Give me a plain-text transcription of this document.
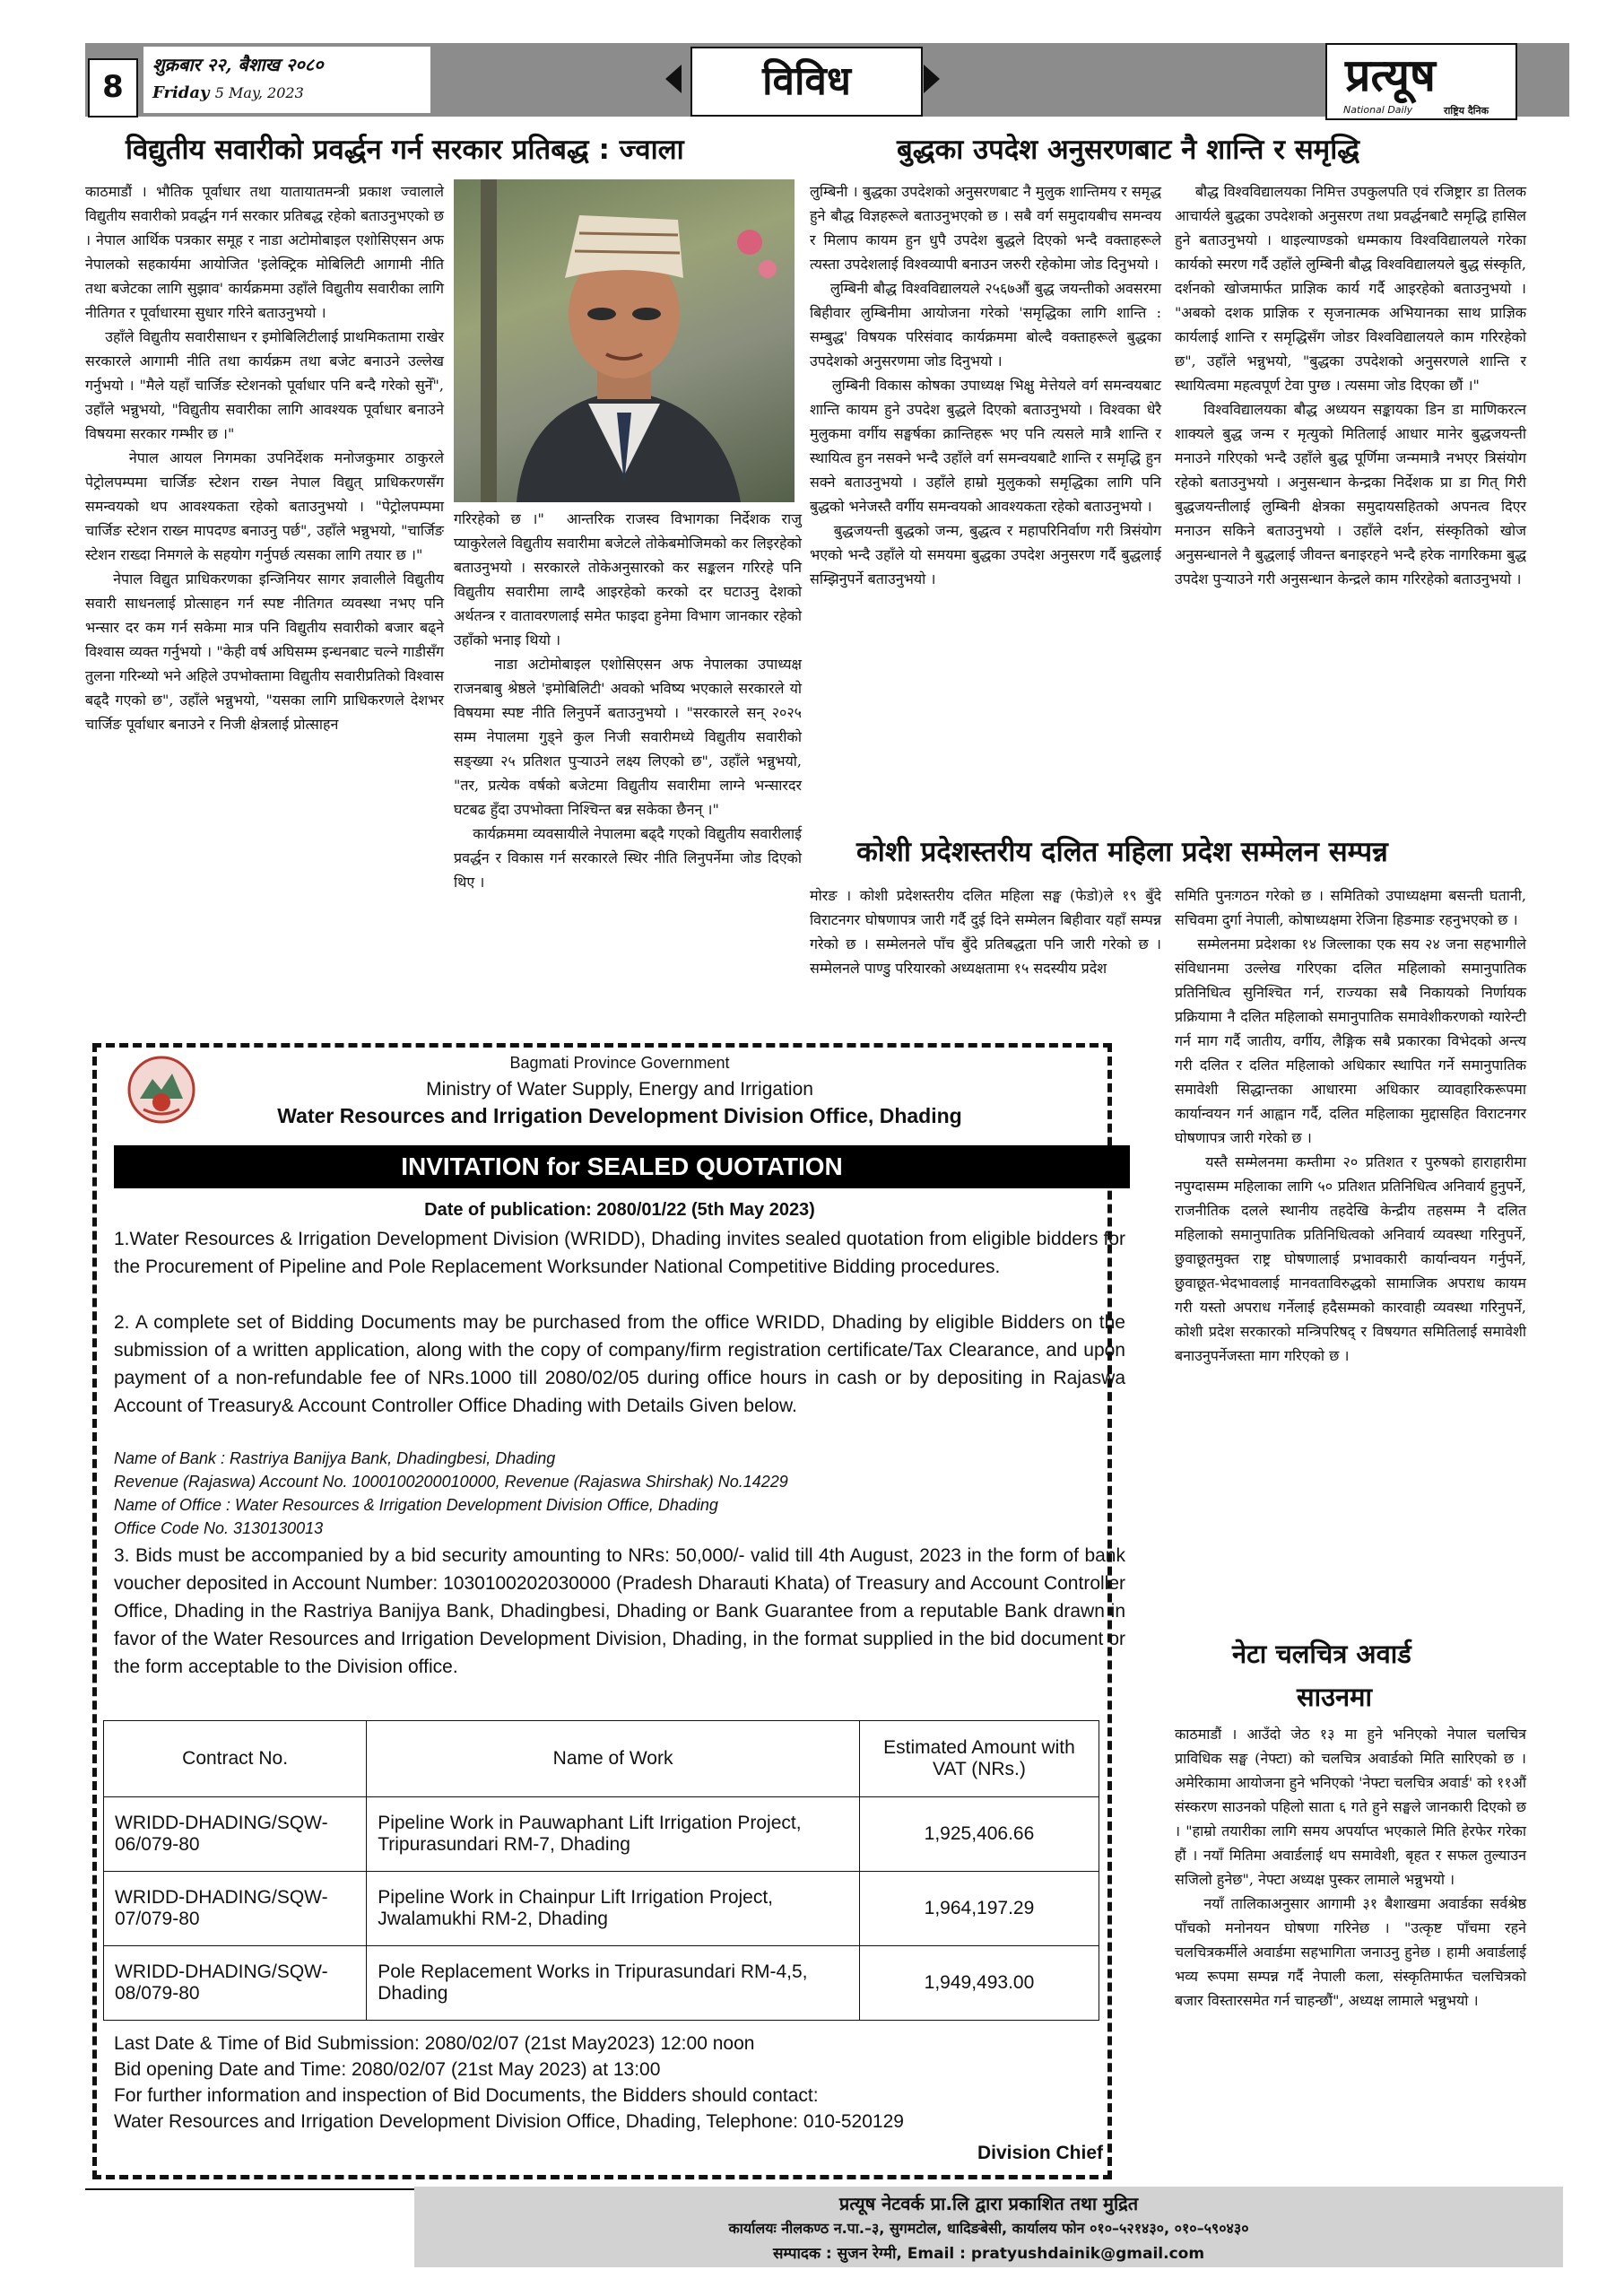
8
शुक्रबार २२, बैशाख २०८०
Friday 5 May, 2023	विविध	प्रत्यूष
National Daily	राष्ट्रिय दैनिक
विद्युतीय सवारीको प्रवर्द्धन गर्न सरकार प्रतिबद्ध : ज्वाला
काठमाडौं । भौतिक पूर्वाधार तथा यातायातमन्त्री प्रकाश ज्वालाले विद्युतीय सवारीको प्रवर्द्धन गर्न सरकार प्रतिबद्ध रहेको बताउनुभएको छ । नेपाल आर्थिक पत्रकार समूह र नाडा अटोमोबाइल एशोसिएसन अफ नेपालको सहकार्यमा आयोजित 'इलेक्ट्रिक मोबिलिटी आगामी नीति तथा बजेटका लागि सुझाव' कार्यक्रममा उहाँले विद्युतीय सवारीका लागि नीतिगत र पूर्वाधारमा सुधार गरिने बताउनुभयो ।
उहाँले विद्युतीय सवारीसाधन र इमोबिलिटीलाई प्राथमिकतामा राखेर सरकारले आगामी नीति तथा कार्यक्रम तथा बजेट बनाउने उल्लेख गर्नुभयो । "मैले यहाँ चार्जिङ स्टेशनको पूर्वाधार पनि बन्दै गरेको सुनेँ", उहाँले भन्नुभयो, "विद्युतीय सवारीका लागि आवश्यक पूर्वाधार बनाउने विषयमा सरकार गम्भीर छ ।"
नेपाल आयल निगमका उपनिर्देशक मनोजकुमार ठाकुरले पेट्रोलपम्पमा चार्जिङ स्टेशन राख्न नेपाल विद्युत् प्राधिकरणसँग समन्वयको थप आवश्यकता रहेको बताउनुभयो । "पेट्रोलपम्पमा चार्जिङ स्टेशन राख्न मापदण्ड बनाउनु पर्छ", उहाँले भन्नुभयो, "चार्जिङ स्टेशन राख्दा निमगले के सहयोग गर्नुपर्छ त्यसका लागि तयार छ ।"
नेपाल विद्युत प्राधिकरणका इन्जिनियर सागर ज्ञवालीले विद्युतीय सवारी साधनलाई प्रोत्साहन गर्न स्पष्ट नीतिगत व्यवस्था नभए पनि भन्सार दर कम गर्न सकेमा मात्र पनि विद्युतीय सवारीको बजार बढ्ने विश्वास व्यक्त गर्नुभयो । "केही वर्ष अघिसम्म इन्धनबाट चल्ने गाडीसँग तुलना गरिन्थ्यो भने अहिले उपभोक्तामा विद्युतीय सवारीप्रतिको विश्वास बढ्दै गएको छ", उहाँले भन्नुभयो, "यसका लागि प्राधिकरणले देशभर चार्जिङ पूर्वाधार बनाउने र निजी क्षेत्रलाई प्रोत्साहन
गरिरहेको छ ।"  आन्तरिक राजस्व विभागका निर्देशक राजु प्याकुरेलले विद्युतीय सवारीमा बजेटले तोकेबमोजिमको कर लिइरहेको बताउनुभयो । सरकारले तोकेअनुसारको कर सङ्कलन गरिरहे पनि विद्युतीय सवारीमा लाग्दै आइरहेको करको दर घटाउनु देशको अर्थतन्त्र र वातावरणलाई समेत फाइदा हुनेमा विभाग जानकार रहेको उहाँको भनाइ थियो ।
नाडा अटोमोबाइल एशोसिएसन अफ नेपालका उपाध्यक्ष राजनबाबु श्रेष्ठले 'इमोबिलिटी' अवको भविष्य भएकाले सरकारले यो विषयमा स्पष्ट नीति लिनुपर्ने बताउनुभयो । "सरकारले सन् २०२५ सम्म नेपालमा गुड्ने कुल निजी सवारीमध्ये विद्युतीय सवारीको सङ्ख्या २५ प्रतिशत पुऱ्याउने लक्ष्य लिएको छ", उहाँले भन्नुभयो, "तर, प्रत्येक वर्षको बजेटमा विद्युतीय सवारीमा लाग्ने भन्सारदर घटबढ हुँदा उपभोक्ता निश्चिन्त बन्न सकेका छैनन् ।"
कार्यक्रममा व्यवसायीले नेपालमा बढ्दै गएको विद्युतीय सवारीलाई प्रवर्द्धन र विकास गर्न सरकारले स्थिर नीति लिनुपर्नेमा जोड दिएको थिए ।
बुद्धका उपदेश अनुसरणबाट नै शान्ति र समृद्धि
लुम्बिनी । बुद्धका उपदेशको अनुसरणबाट नै मुलुक शान्तिमय र समृद्ध हुने बौद्ध विज्ञहरूले बताउनुभएको छ । सबै वर्ग समुदायबीच समन्वय र मिलाप कायम हुन धुपै उपदेश बुद्धले दिएको भन्दै वक्ताहरूले त्यस्ता उपदेशलाई विश्वव्यापी बनाउन जरुरी रहेकोमा जोड दिनुभयो ।
लुम्बिनी बौद्ध विश्वविद्यालयले २५६७औं बुद्ध जयन्तीको अवसरमा बिहीवार लुम्बिनीमा आयोजना गरेको 'समृद्धिका लागि शान्ति : सम्बुद्ध' विषयक परिसंवाद कार्यक्रममा बोल्दै वक्ताहरूले बुद्धका उपदेशको अनुसरणमा जोड दिनुभयो ।
लुम्बिनी विकास कोषका उपाध्यक्ष भिक्षु मेत्तेयले वर्ग समन्वयबाट शान्ति कायम हुने उपदेश बुद्धले दिएको बताउनुभयो । विश्वका धेरै मुलुकमा वर्गीय सङ्घर्षका क्रान्तिहरू भए पनि त्यसले मात्रै शान्ति र स्थायित्व हुन नसक्ने भन्दै उहाँले वर्ग समन्वयबाटै शान्ति र समृद्धि हुन सक्ने बताउनुभयो । उहाँले हाम्रो मुलुकको समृद्धिका लागि पनि बुद्धको भनेजस्तै वर्गीय समन्वयको आवश्यकता रहेको बताउनुभयो ।
बुद्धजयन्ती बुद्धको जन्म, बुद्धत्व र महापरिनिर्वाण गरी त्रिसंयोग भएको भन्दै उहाँले यो समयमा बुद्धका उपदेश अनुसरण गर्दै बुद्धलाई सम्झिनुपर्ने बताउनुभयो ।
बौद्ध विश्वविद्यालयका निमित्त उपकुलपति एवं रजिष्ट्रार डा तिलक आचार्यले बुद्धका उपदेशको अनुसरण तथा प्रवर्द्धनबाटै समृद्धि हासिल हुने बताउनुभयो । थाइल्याण्डको धम्मकाय विश्वविद्यालयले गरेका कार्यको स्मरण गर्दै उहाँले लुम्बिनी बौद्ध विश्वविद्यालयले बुद्ध संस्कृति, दर्शनको खोजमार्फत प्राज्ञिक कार्य गर्दै आइरहेको बताउनुभयो । "अबको दशक प्राज्ञिक र सृजनात्मक अभियानका साथ प्राज्ञिक कार्यलाई शान्ति र समृद्धिसँग जोडर विश्वविद्यालयले काम गरिरहेको छ", उहाँले भन्नुभयो, "बुद्धका उपदेशको अनुसरणले शान्ति र स्थायित्वमा महत्वपूर्ण टेवा पुग्छ । त्यसमा जोड दिएका छौं ।"
विश्वविद्यालयका बौद्ध अध्ययन सङ्कायका डिन डा माणिकरत्न शाक्यले बुद्ध जन्म र मृत्युको मितिलाई आधार मानेर बुद्धजयन्ती मनाउने गरिएको भन्दै उहाँले बुद्ध पूर्णिमा जन्ममात्रै नभएर त्रिसंयोग रहेको बताउनुभयो । अनुसन्धान केन्द्रका निर्देशक प्रा डा गित् गिरी बुद्धजयन्तीलाई लुम्बिनी क्षेत्रका समुदायसहितको अपनत्व दिएर मनाउन सकिने बताउनुभयो । उहाँले दर्शन, संस्कृतिको खोज अनुसन्धानले नै बुद्धलाई जीवन्त बनाइरहने भन्दै हरेक नागरिकमा बुद्ध उपदेश पुऱ्याउने गरी अनुसन्धान केन्द्रले काम गरिरहेको बताउनुभयो ।
कोशी प्रदेशस्तरीय दलित महिला प्रदेश सम्मेलन सम्पन्न
मोरङ । कोशी प्रदेशस्तरीय दलित महिला सङ्घ (फेडो)ले १९ बुँदे विराटनगर घोषणापत्र जारी गर्दै दुई दिने सम्मेलन बिहीवार यहाँ सम्पन्न गरेको छ । सम्मेलनले पाँच बुँदे प्रतिबद्धता पनि जारी गरेको छ । सम्मेलनले पाण्डु परियारको अध्यक्षतामा १५ सदस्यीय प्रदेश
समिति पुनःगठन गरेको छ । समितिको उपाध्यक्षमा बसन्ती घतानी, सचिवमा दुर्गा नेपाली, कोषाध्यक्षमा रेजिना हिङमाङ रहनुभएको छ ।
सम्मेलनमा प्रदेशका १४ जिल्लाका एक सय २४ जना सहभागीले संविधानमा उल्लेख गरिएका दलित महिलाको समानुपातिक प्रतिनिधित्व सुनिश्चित गर्न, राज्यका सबै निकायको निर्णायक प्रक्रियामा नै दलित महिलाको समानुपातिक समावेशीकरणको ग्यारेन्टी गर्न माग गर्दै जातीय, वर्गीय, लैङ्गिक सबै प्रकारका विभेदको अन्त्य गरी दलित र दलित महिलाको अधिकार स्थापित गर्ने समानुपातिक समावेशी सिद्धान्तका आधारमा अधिकार व्यावहारिकरूपमा कार्यान्वयन गर्न आह्वान गर्दै, दलित महिलाका मुद्दासहित विराटनगर घोषणापत्र जारी गरेको छ ।
यस्तै सम्मेलनमा कम्तीमा २० प्रतिशत र पुरुषको हाराहारीमा नपुग्दासम्म महिलाका लागि ५० प्रतिशत प्रतिनिधित्व अनिवार्य हुनुपर्ने, राजनीतिक दलले स्थानीय तहदेखि केन्द्रीय तहसम्म नै दलित महिलाको समानुपातिक प्रतिनिधित्वको अनिवार्य व्यवस्था गरिनुपर्ने, छुवाछूतमुक्त राष्ट्र घोषणालाई प्रभावकारी कार्यान्वयन गर्नुपर्ने, छुवाछूत-भेदभावलाई मानवताविरुद्धको सामाजिक अपराध कायम गरी यस्तो अपराध गर्नेलाई हदैसम्मको कारवाही व्यवस्था गरिनुपर्ने, कोशी प्रदेश सरकारको मन्त्रिपरिषद् र विषयगत समितिलाई समावेशी बनाउनुपर्नेजस्ता माग गरिएको छ ।
नेटा चलचित्र अवार्ड
साउनमा
काठमाडौं । आउँदो जेठ १३ मा हुने भनिएको नेपाल चलचित्र प्राविधिक सङ्घ (नेफ्टा) को चलचित्र अवार्डको मिति सारिएको छ । अमेरिकामा आयोजना हुने भनिएको 'नेफ्टा चलचित्र अवार्ड' को ११औं संस्करण साउनको पहिलो साता ६ गते हुने सङ्घले जानकारी दिएको छ । "हाम्रो तयारीका लागि समय अपर्याप्त भएकाले मिति हेरफेर गरेका हौं । नयाँ मितिमा अवार्डलाई थप समावेशी, बृहत र सफल तुल्याउन सजिलो हुनेछ", नेफ्टा अध्यक्ष पुस्कर लामाले भन्नुभयो ।
नयाँ तालिकाअनुसार आगामी ३१ बैशाखमा अवार्डका सर्वश्रेष्ठ पाँचको मनोनयन घोषणा गरिनेछ । "उत्कृष्ट पाँचमा रहने चलचित्रकर्मीले अवार्डमा सहभागिता जनाउनु हुनेछ । हामी अवार्डलाई भव्य रूपमा सम्पन्न गर्दै नेपाली कला, संस्कृतिमार्फत चलचित्रको बजार विस्तारसमेत गर्न चाहन्छौं", अध्यक्ष लामाले भन्नुभयो ।
Bagmati Province Government
Ministry of Water Supply, Energy and Irrigation
Water Resources and Irrigation Development Division Office, Dhading
INVITATION for SEALED QUOTATION
Date of publication: 2080/01/22 (5th May 2023)
1.Water Resources & Irrigation Development Division (WRIDD), Dhading invites sealed quotation from eligible bidders for the Procurement of Pipeline and Pole Replacement Worksunder National Competitive Bidding procedures.
2. A complete set of Bidding Documents may be purchased from the office WRIDD, Dhading by eligible Bidders on the submission of a written application, along with the copy of company/firm registration certificate/Tax Clearance, and upon payment of a non-refundable fee of NRs.1000 till 2080/02/05 during office hours in cash or by depositing in Rajaswa Account of Treasury& Account Controller Office Dhading with Details Given below.
Name of Bank : Rastriya Banijya Bank, Dhadingbesi, Dhading
Revenue (Rajaswa) Account No. 1000100200010000, Revenue (Rajaswa Shirshak) No.14229
Name of Office : Water Resources & Irrigation Development Division Office, Dhading
Office Code No. 3130130013
3. Bids must be accompanied by a bid security amounting to NRs: 50,000/- valid till 4th August, 2023 in the form of bank voucher deposited in Account Number: 1030100202030000 (Pradesh Dharauti Khata) of Treasury and Account Controller Office, Dhading in the Rastriya Banijya Bank, Dhadingbesi, Dhading or Bank Guarantee from a reputable Bank drawn in favor of the Water Resources and Irrigation Development Division, Dhading, in the format supplied in the bid document or the form acceptable to the Division office.
Contract No.	Name of Work	Estimated Amount with VAT (NRs.)
WRIDD-DHADING/SQW-06/079-80	Pipeline Work in Pauwaphant Lift Irrigation Project, Tripurasundari RM-7, Dhading	1,925,406.66
WRIDD-DHADING/SQW-07/079-80	Pipeline Work in Chainpur Lift Irrigation Project, Jwalamukhi RM-2, Dhading	1,964,197.29
WRIDD-DHADING/SQW-08/079-80	Pole Replacement Works in Tripurasundari RM-4,5, Dhading	1,949,493.00
Last Date & Time of Bid Submission: 2080/02/07 (21st May2023) 12:00 noon
Bid opening Date and Time: 2080/02/07 (21st May 2023) at 13:00
For further information and inspection of Bid Documents, the Bidders should contact:
Water Resources and Irrigation Development Division Office, Dhading, Telephone: 010-520129
Division Chief
प्रत्यूष नेटवर्क प्रा.लि द्वारा प्रकाशित तथा मुद्रित
कार्यालयः नीलकण्ठ न.पा.–३, सुगमटोल, धादिङबेसी, कार्यालय फोन ०१०–५२१४३०, ०१०–५९०४३०
सम्पादक : सुजन रेग्मी, Email : pratyushdainik@gmail.com
